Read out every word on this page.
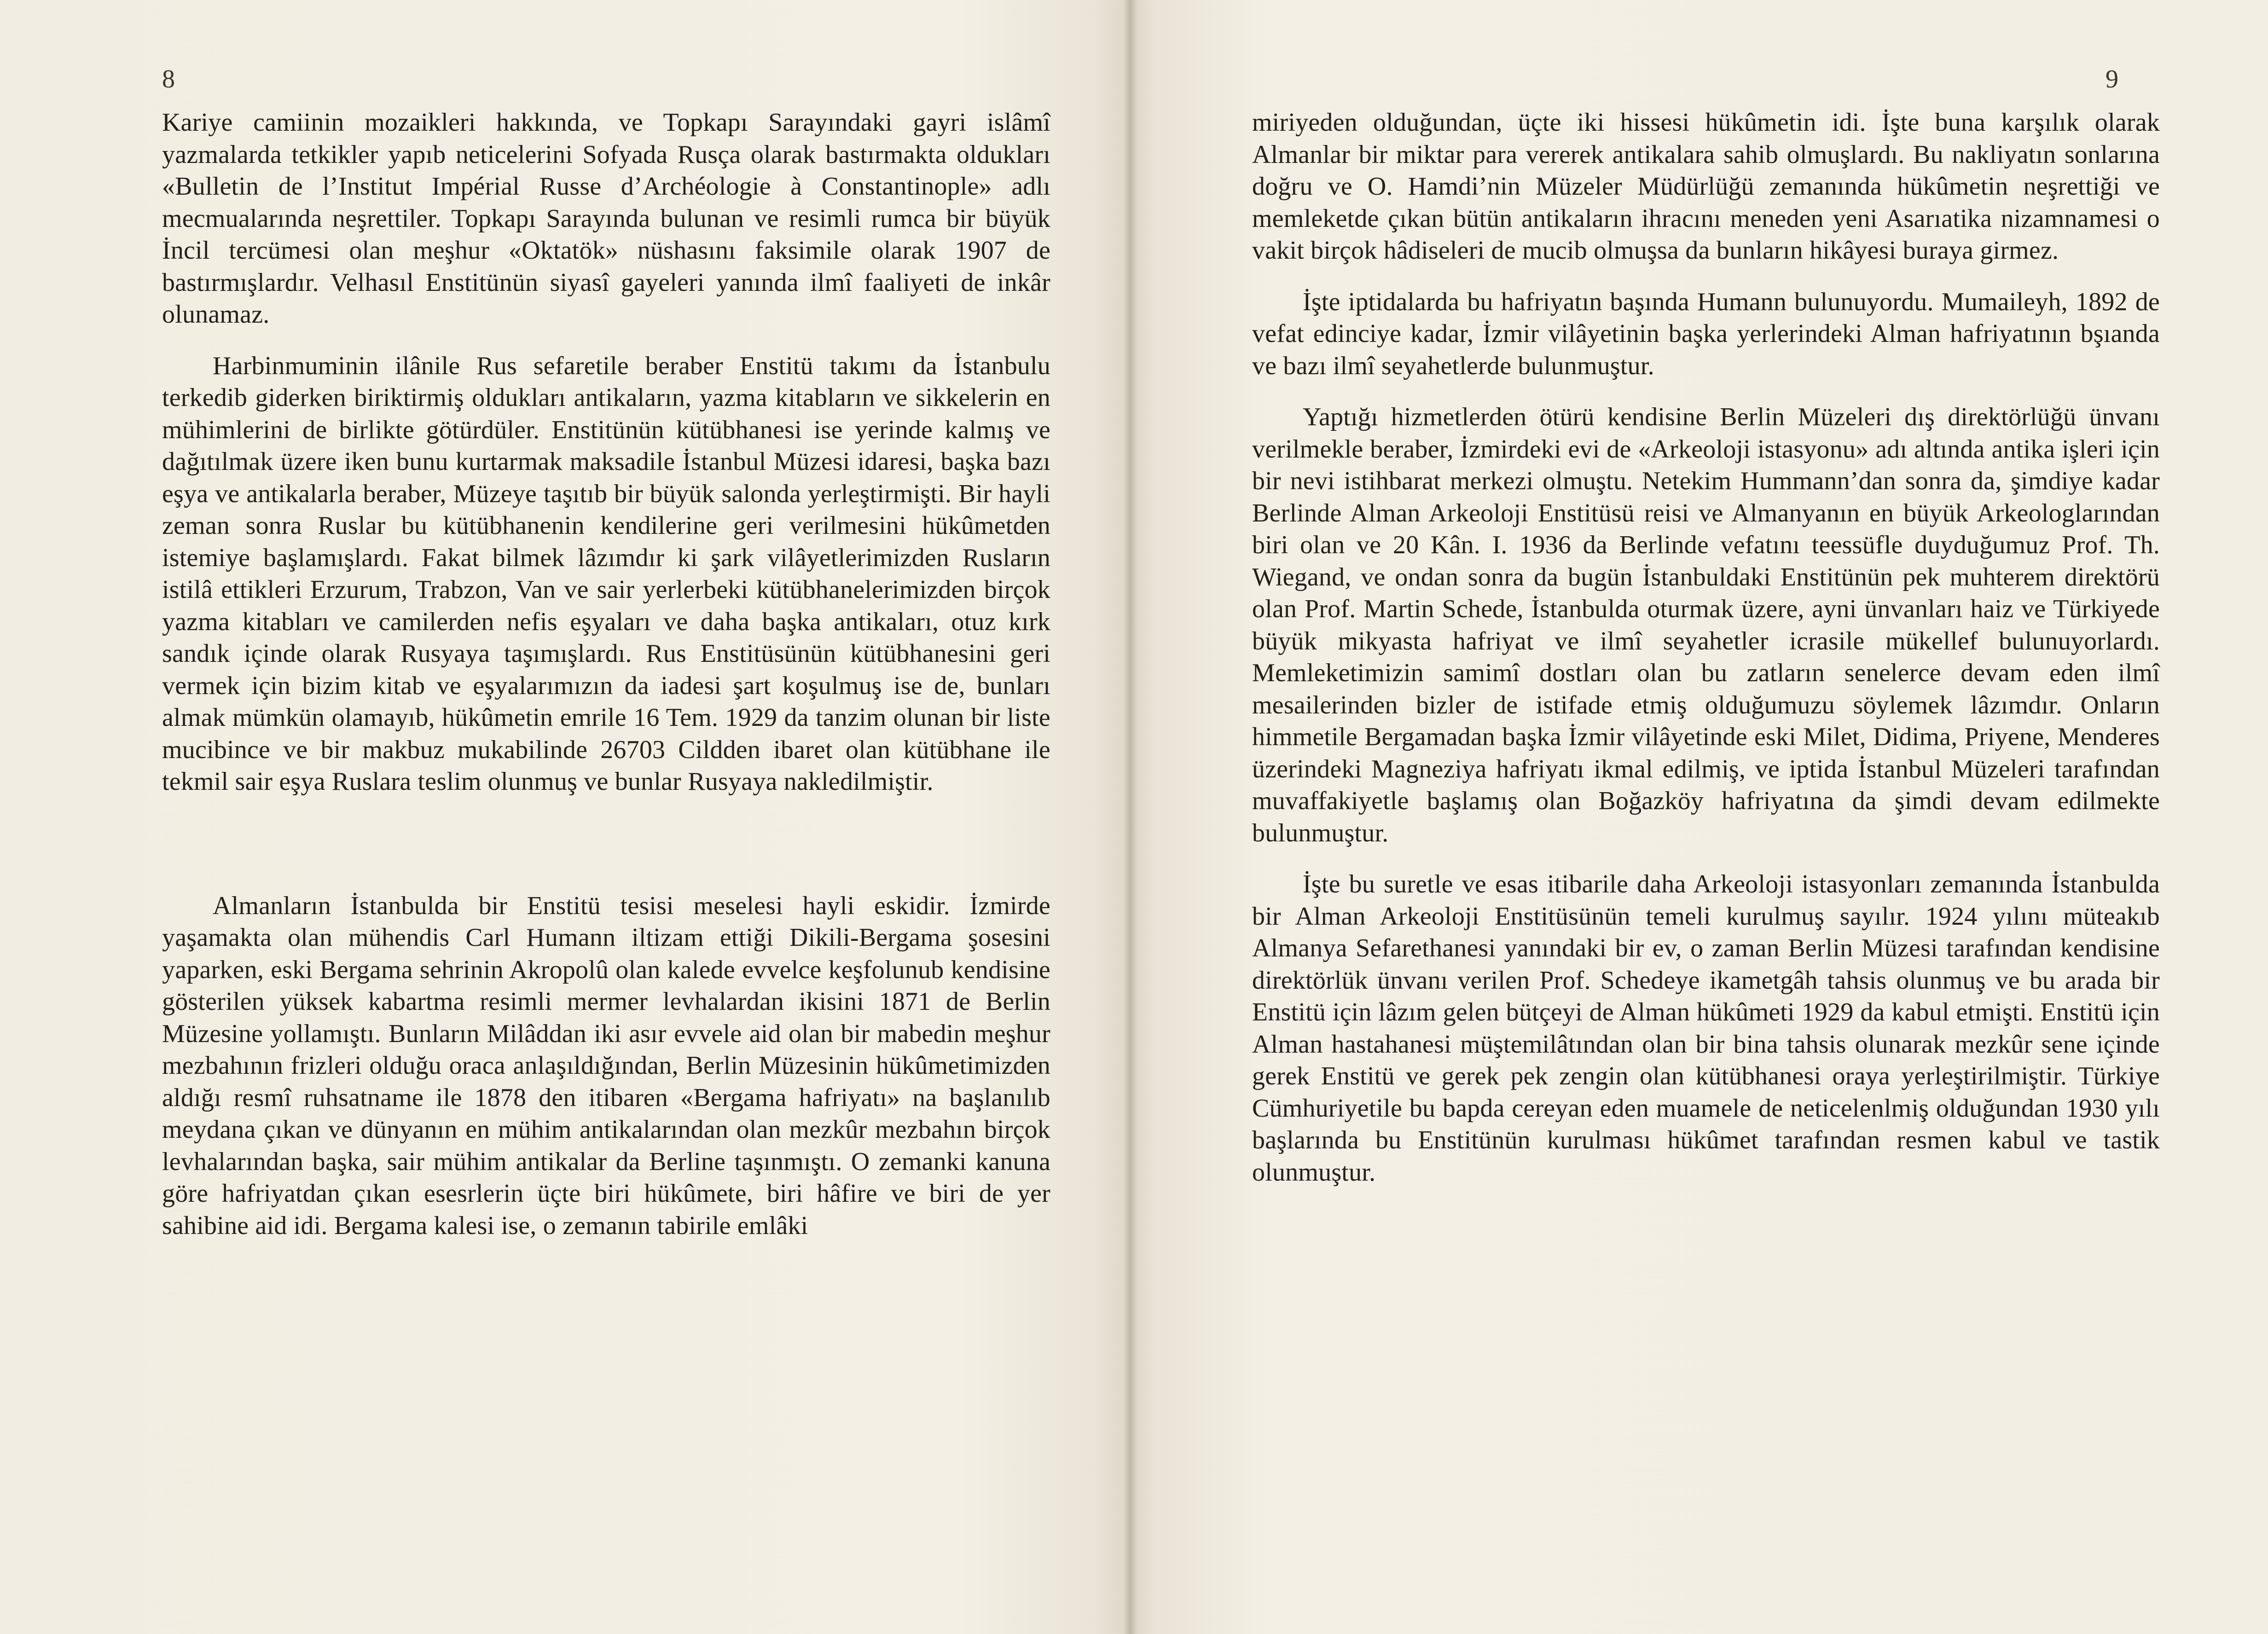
8

Kariye camiinin mozaikleri hakkında, ve Topkapı Sarayındaki gayri islâmî yazmalarda tetkikler yapıb neticelerini Sofyada Rusça olarak bastırmakta oldukları «Bulletin de l’Institut Impérial Russe d’Archéologie à Constantinople» adlı mecmualarında neşrettiler. Topkapı Sarayında bulunan ve resimli rumca bir büyük İncil tercümesi olan meşhur «Oktatök» nüshasını faksimile olarak 1907 de bastırmışlardır. Velhasıl Enstitünün siyasî gayeleri yanında ilmî faaliyeti de inkâr olunamaz.

Harbinmuminin ilânile Rus sefaretile beraber Enstitü takımı da İstanbulu terkedib giderken biriktirmiş oldukları antikaların, yazma kitabların ve sikkelerin en mühimlerini de birlikte götürdüler. Enstitünün kütübhanesi ise yerinde kalmış ve dağıtılmak üzere iken bunu kurtarmak maksadile İstanbul Müzesi idaresi, başka bazı eşya ve antikalarla beraber, Müzeye taşıtıb bir büyük salonda yerleştirmişti. Bir hayli zeman sonra Ruslar bu kütübhanenin kendilerine geri verilmesini hükûmetden istemiye başlamışlardı. Fakat bilmek lâzımdır ki şark vilâyetlerimizden Rusların istilâ ettikleri Erzurum, Trabzon, Van ve sair yerlerbeki kütübhanelerimizden birçok yazma kitabları ve camilerden nefis eşyaları ve daha başka antikaları, otuz kırk sandık içinde olarak Rusyaya taşımışlardı. Rus Enstitüsünün kütübhanesini geri vermek için bizim kitab ve eşyalarımızın da iadesi şart koşulmuş ise de, bunları almak mümkün olamayıb, hükûmetin emrile 16 Tem. 1929 da tanzim olunan bir liste mucibince ve bir makbuz mukabilinde 26703 Cildden ibaret olan kütübhane ile tekmil sair eşya Ruslara teslim olunmuş ve bunlar Rusyaya nakledilmiştir.

Almanların İstanbulda bir Enstitü tesisi meselesi hayli eskidir. İzmirde yaşamakta olan mühendis Carl Humann iltizam ettiği Dikili-Bergama şosesini yaparken, eski Bergama sehrinin Akropolû olan kalede evvelce keşfolunub kendisine gösterilen yüksek kabartma resimli mermer levhalardan ikisini 1871 de Berlin Müzesine yollamıştı. Bunların Milâddan iki asır evvele aid olan bir mabedin meşhur mezbahının frizleri olduğu oraca anlaşıldığından, Berlin Müzesinin hükûmetimizden aldığı resmî ruhsatname ile 1878 den itibaren «Bergama hafriyatı» na başlanılıb meydana çıkan ve dünyanın en mühim antikalarından olan mezkûr mezbahın birçok levhalarından başka, sair mühim antikalar da Berline taşınmıştı. O zemanki kanuna göre hafriyatdan çıkan esesrlerin üçte biri hükûmete, biri hâfire ve biri de yer sahibine aid idi. Bergama kalesi ise, o zemanın tabirile emlâki

9

miriyeden olduğundan, üçte iki hissesi hükûmetin idi. İşte buna karşılık olarak Almanlar bir miktar para vererek antikalara sahib olmuşlardı. Bu nakliyatın sonlarına doğru ve O. Hamdi’nin Müzeler Müdürlüğü zemanında hükûmetin neşrettiği ve memleketde çıkan bütün antikaların ihracını meneden yeni Asarıatika nizamnamesi o vakit birçok hâdiseleri de mucib olmuşsa da bunların hikâyesi buraya girmez.

İşte iptidalarda bu hafriyatın başında Humann bulunuyordu. Mumaileyh, 1892 de vefat edinciye kadar, İzmir vilâyetinin başka yerlerindeki Alman hafriyatının bşıanda ve bazı ilmî seyahetlerde bulunmuştur.

Yaptığı hizmetlerden ötürü kendisine Berlin Müzeleri dış direktörlüğü ünvanı verilmekle beraber, İzmirdeki evi de «Arkeoloji istasyonu» adı altında antika işleri için bir nevi istihbarat merkezi olmuştu. Netekim Hummann’dan sonra da, şimdiye kadar Berlinde Alman Arkeoloji Enstitüsü reisi ve Almanyanın en büyük Arkeologlarından biri olan ve 20 Kân. I. 1936 da Berlinde vefatını teessüfle duyduğumuz Prof. Th. Wiegand, ve ondan sonra da bugün İstanbuldaki Enstitünün pek muhterem direktörü olan Prof. Martin Schede, İstanbulda oturmak üzere, ayni ünvanları haiz ve Türkiyede büyük mikyasta hafriyat ve ilmî seyahetler icrasile mükellef bulunuyorlardı. Memleketimizin samimî dostları olan bu zatların senelerce devam eden ilmî mesailerinden bizler de istifade etmiş olduğumuzu söylemek lâzımdır. Onların himmetile Bergamadan başka İzmir vilâyetinde eski Milet, Didima, Priyene, Menderes üzerindeki Magneziya hafriyatı ikmal edilmiş, ve iptida İstanbul Müzeleri tarafından muvaffakiyetle başlamış olan Boğazköy hafriyatına da şimdi devam edilmekte bulunmuştur.

İşte bu suretle ve esas itibarile daha Arkeoloji istasyonları zemanında İstanbulda bir Alman Arkeoloji Enstitüsünün temeli kurulmuş sayılır. 1924 yılını müteakıb Almanya Sefarethanesi yanındaki bir ev, o zaman Berlin Müzesi tarafından kendisine direktörlük ünvanı verilen Prof. Schedeye ikametgâh tahsis olunmuş ve bu arada bir Enstitü için lâzım gelen bütçeyi de Alman hükûmeti 1929 da kabul etmişti. Enstitü için Alman hastahanesi müştemilâtından olan bir bina tahsis olunarak mezkûr sene içinde gerek Enstitü ve gerek pek zengin olan kütübhanesi oraya yerleştirilmiştir. Türkiye Cümhuriyetile bu bapda cereyan eden muamele de neticelenlmiş olduğundan 1930 yılı başlarında bu Enstitünün kurulması hükûmet tarafından resmen kabul ve tastik olunmuştur.
